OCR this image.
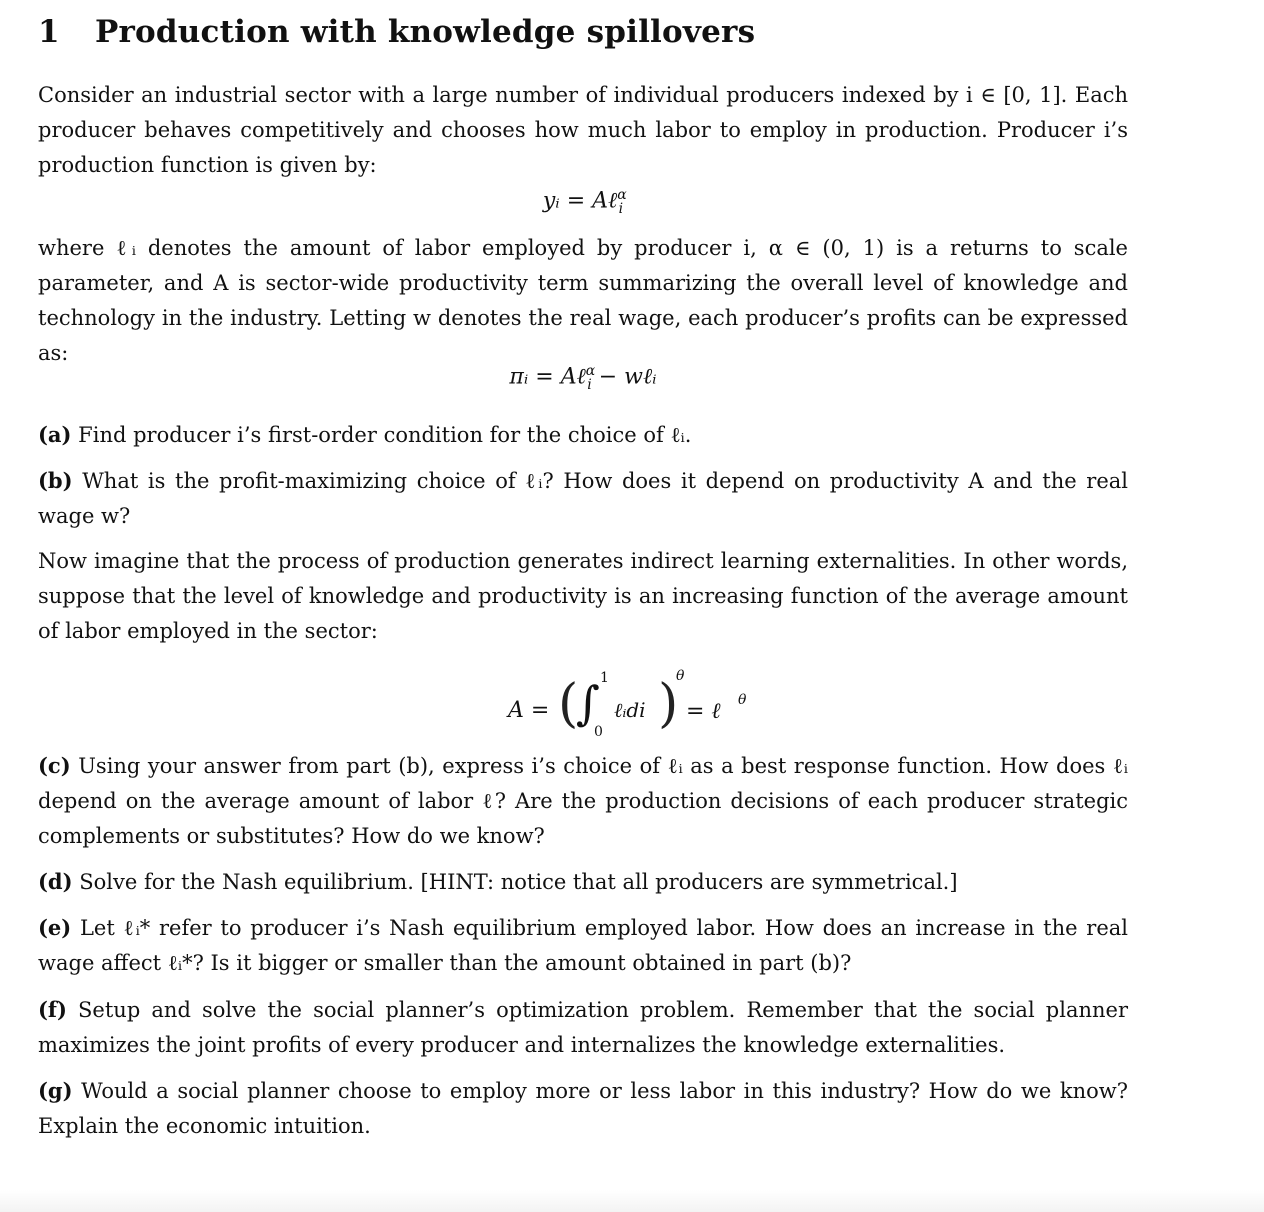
1 Production with knowledge spillovers

Consider an industrial sector with a large number of individual producers indexed by i ∈ [0, 1]. Each producer behaves competitively and chooses how much labor to employ in production. Producer i’s production function is given by:

yᵢ = Aℓ$^\alpha_i$

where ℓᵢ denotes the amount of labor employed by producer i, α ∈ (0, 1) is a returns to scale parameter, and A is sector-wide productivity term summarizing the overall level of knowledge and technology in the industry. Letting w denotes the real wage, each producer’s profits can be expressed as:

πᵢ = Aℓ$^\alpha_i$ − wℓᵢ

(a) Find producer i’s first-order condition for the choice of ℓᵢ.

(b) What is the profit-maximizing choice of ℓᵢ? How does it depend on productivity A and the real wage w?

Now imagine that the process of production generates indirect learning externalities. In other words, suppose that the level of knowledge and productivity is an increasing function of the average amount of labor employed in the sector:

A = (
∫ 1
0
ℓᵢdi )
θ
= ℓ θ

(c) Using your answer from part (b), express i’s choice of ℓᵢ as a best response function. How does ℓᵢ depend on the average amount of labor ℓ? Are the production decisions of each producer strategic complements or substitutes? How do we know?

(d) Solve for the Nash equilibrium. [HINT: notice that all producers are symmetrical.]

(e) Let ℓᵢ* refer to producer i’s Nash equilibrium employed labor. How does an increase in the real wage affect ℓᵢ*? Is it bigger or smaller than the amount obtained in part (b)?

(f) Setup and solve the social planner’s optimization problem. Remember that the social planner maximizes the joint profits of every producer and internalizes the knowledge externalities.

(g) Would a social planner choose to employ more or less labor in this industry? How do we know? Explain the economic intuition.
